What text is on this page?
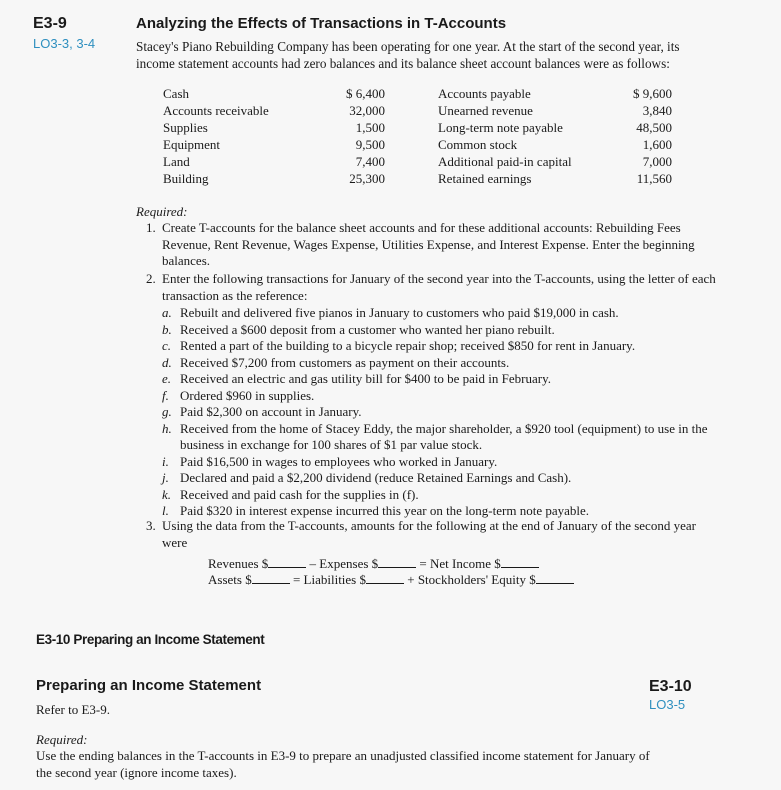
E3-9
LO3-3, 3-4
Analyzing the Effects of Transactions in T-Accounts
Stacey's Piano Rebuilding Company has been operating for one year. At the start of the second year, its income statement accounts had zero balances and its balance sheet account balances were as follows:
Cash	$ 6,400		Accounts payable	$ 9,600
Accounts receivable	32,000		Unearned revenue	3,840
Supplies	1,500		Long-term note payable	48,500
Equipment	9,500		Common stock	1,600
Land	7,400		Additional paid-in capital	7,000
Building	25,300		Retained earnings	11,560
Required:
1. Create T-accounts for the balance sheet accounts and for these additional accounts: Rebuilding Fees Revenue, Rent Revenue, Wages Expense, Utilities Expense, and Interest Expense. Enter the beginning balances.
2. Enter the following transactions for January of the second year into the T-accounts, using the letter of each transaction as the reference:
a. Rebuilt and delivered five pianos in January to customers who paid $19,000 in cash.
b. Received a $600 deposit from a customer who wanted her piano rebuilt.
c. Rented a part of the building to a bicycle repair shop; received $850 for rent in January.
d. Received $7,200 from customers as payment on their accounts.
e. Received an electric and gas utility bill for $400 to be paid in February.
f. Ordered $960 in supplies.
g. Paid $2,300 on account in January.
h. Received from the home of Stacey Eddy, the major shareholder, a $920 tool (equipment) to use in the business in exchange for 100 shares of $1 par value stock.
i. Paid $16,500 in wages to employees who worked in January.
j. Declared and paid a $2,200 dividend (reduce Retained Earnings and Cash).
k. Received and paid cash for the supplies in (f).
l. Paid $320 in interest expense incurred this year on the long-term note payable.
3. Using the data from the T-accounts, amounts for the following at the end of January of the second year were
Revenues $	– Expenses $	= Net Income $
Assets $	= Liabilities $	+ Stockholders' Equity $
E3-10 Preparing an Income Statement
Preparing an Income Statement	E3-10
LO3-5
Refer to E3-9.
Required:
Use the ending balances in the T-accounts in E3-9 to prepare an unadjusted classified income statement for January of the second year (ignore income taxes).
